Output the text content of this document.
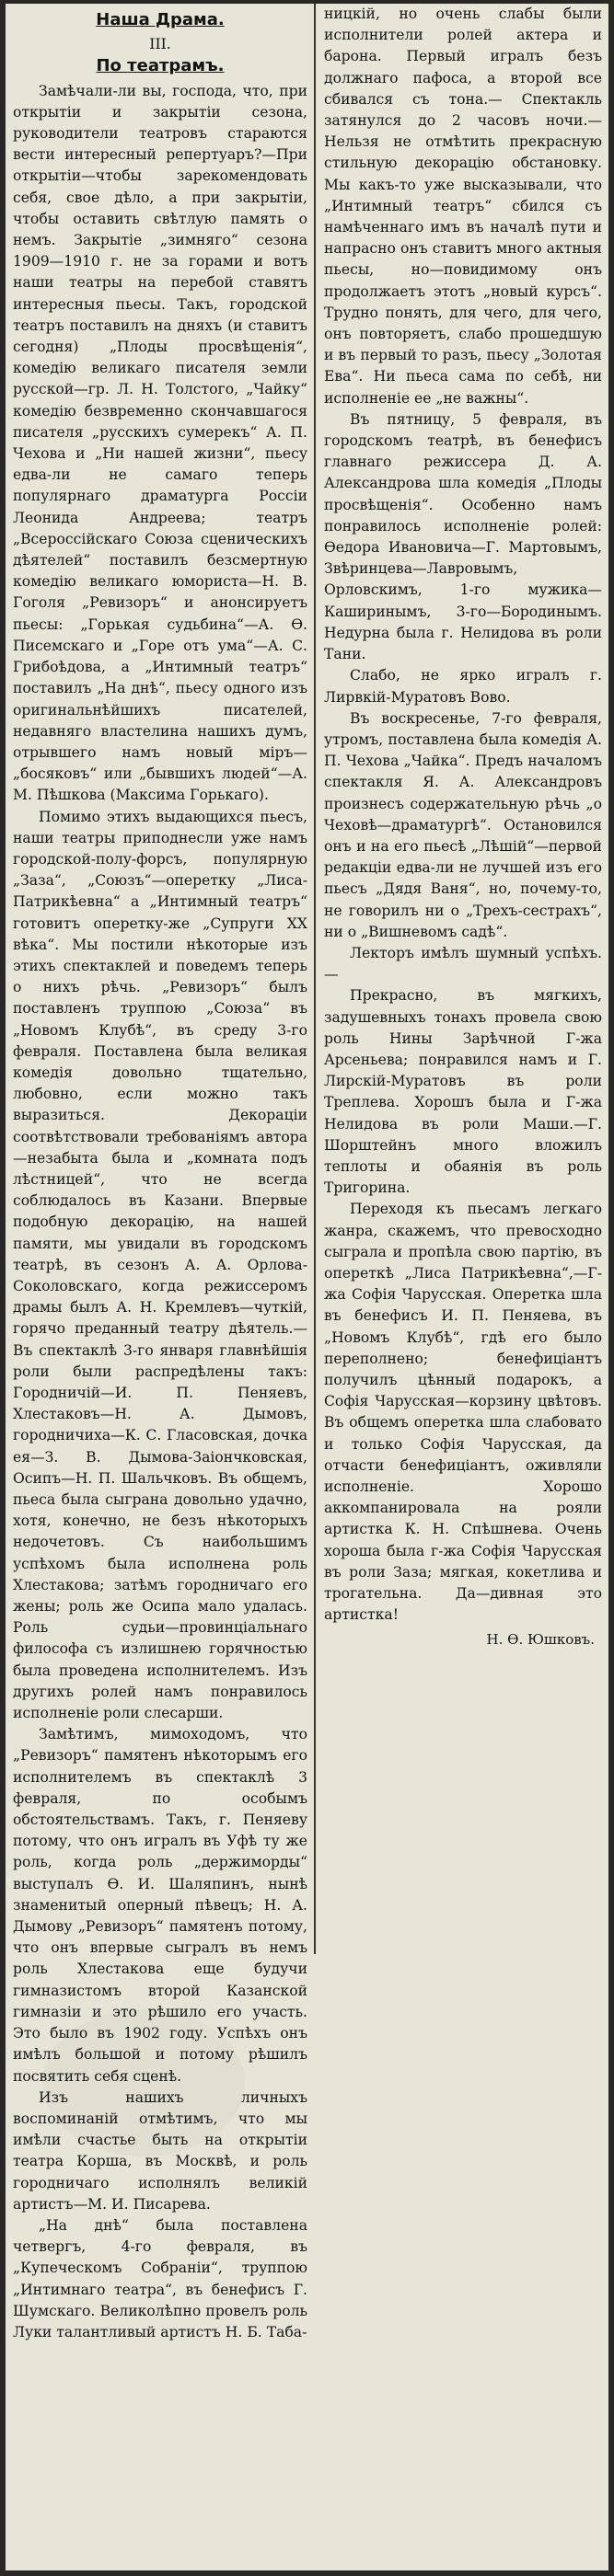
Наша Драма.
III.
По театрамъ.

Замѣчали-ли вы, господа, что, при открытіи и закрытіи сезона, руководители театровъ стараются вести интересный репертуаръ?—При открытіи—чтобы зарекомендовать себя, свое дѣло, а при закрытіи, чтобы оставить свѣтлую память о немъ. Закрытіе „зимняго“ сезона 1909—1910 г. не за горами и вотъ наши театры на перебой ставятъ интересныя пьесы. Такъ, городской театръ поставилъ на дняхъ (и ставитъ сегодня) „Плоды просвѣщенія“, комедію великаго писателя земли русской—гр. Л. Н. Толстого, „Чайку“ комедію безвременно скончавшагося писателя „русскихъ сумерекъ“ А. П. Чехова и „Ни нашей жизни“, пьесу едва-ли не самаго теперь популярнаго драматурга Россіи Леонида Андреева; театръ „Всероссійскаго Союза сценическихъ дѣятелей“ поставилъ безсмертную комедію великаго юмориста—Н. В. Гоголя „Ревизоръ“ и анонсируетъ пьесы: „Горькая судьбина“—А. Ѳ. Писемскаго и „Горе отъ ума“—А. С. Грибоѣдова, а „Интимный театръ“ поставилъ „На днѣ“, пьесу одного изъ оригинальнѣйшихъ писателей, недавняго властелина нашихъ думъ, отрывшего намъ новый міръ—„босяковъ“ или „бывшихъ людей“—А. М. Пѣшкова (Максима Горькаго).

Помимо этихъ выдающихся пьесъ, наши театры приподнесли уже намъ городской-полу-форсъ, популярную „Заза“, „Союзъ“—оперетку „Лиса-Патрикѣевна“ а „Интимный театръ“ готовитъ оперетку-же „Супруги XX вѣка“. Мы постили нѣкоторые изъ этихъ спектаклей и поведемъ теперь о нихъ рѣчь. „Ревизоръ“ былъ поставленъ труппою „Союза“ въ „Новомъ Клубѣ“, въ среду 3-го февраля. Поставлена была великая комедія довольно тщательно, любовно, если можно такъ выразиться. Декораціи соотвѣтствовали требованіямъ автора—незабыта была и „комната подъ лѣстницей“, что не всегда соблюдалось въ Казани. Впервые подобную декорацію, на нашей памяти, мы увидали въ городскомъ театрѣ, въ сезонъ А. А. Орлова-Соколовскаго, когда режиссеромъ драмы былъ А. Н. Кремлевъ—чуткій, горячо преданный театру дѣятель.— Въ спектаклѣ 3-го января главнѣйшія роли были распредѣлены такъ: Городничій—И. П. Пеняевъ, Хлестаковъ—Н. А. Дымовъ, городничиха—К. С. Гласовская, дочка ея—З. В. Дымова-Заіончковская, Осипъ—Н. П. Шальчковъ. Въ общемъ, пьеса была сыграна довольно удачно, хотя, конечно, не безъ нѣкоторыхъ недочетовъ. Съ наибольшимъ успѣхомъ была исполнена роль Хлестакова; затѣмъ городничаго его жены; роль же Осипа мало удалась. Роль судьи—провинціальнаго философа съ излишнею горячностью была проведена исполнителемъ. Изъ другихъ ролей намъ понравилось исполненіе роли слесарши.

Замѣтимъ, мимоходомъ, что „Ревизоръ“ памятенъ нѣкоторымъ его исполнителемъ въ спектаклѣ 3 февраля, по особымъ обстоятельствамъ. Такъ, г. Пеняеву потому, что онъ игралъ въ Уфѣ ту же роль, когда роль „держиморды“ выступалъ Ѳ. И. Шаляпинъ, нынѣ знаменитый оперный пѣвецъ; Н. А. Дымову „Ревизоръ“ памятенъ потому, что онъ впервые сыгралъ въ немъ роль Хлестакова еще будучи гимназистомъ второй Казанской гимназіи и это рѣшило его участь. Это было въ 1902 году. Успѣхъ онъ имѣлъ большой и потому рѣшилъ посвятить себя сценѣ.

Изъ нашихъ личныхъ воспоминаній отмѣтимъ, что мы имѣли счастье быть на открытіи театра Корша, въ Москвѣ, и роль городничаго исполнялъ великій артистъ—М. И. Писарева.

„На днѣ“ была поставлена четвергъ, 4-го февраля, въ „Купеческомъ Собраніи“, труппою „Интимнаго театра“, въ бенефисъ Г. Шумскаго. Великолѣпно провелъ роль Луки талантливый артистъ Н. Б. Таба-

ницкій, но очень слабы были исполнители ролей актера и барона. Первый игралъ безъ должнаго пафоса, а второй все сбивался съ тона.— Спектакль затянулся до 2 часовъ ночи.— Нельзя не отмѣтить прекрасную стильную декорацію обстановку. Мы какъ-то уже высказывали, что „Интимный театръ“ сбился съ намѣченнаго имъ въ началѣ пути и напрасно онъ ставитъ много актныя пьесы, но—повидимому онъ продолжаетъ этотъ „новый курсъ“. Трудно понять, для чего, для чего, онъ повторяетъ, слабо прошедшую и въ первый то разъ, пьесу „Золотая Ева“. Ни пьеса сама по себѣ, ни исполненіе ее „не важны“.

Въ пятницу, 5 февраля, въ городскомъ театрѣ, въ бенефисъ главнаго режиссера Д. А. Александрова шла комедія „Плоды просвѣщенія“. Особенно намъ понравилось исполненіе ролей: Ѳедора Ивановича—Г. Мартовымъ, Звѣринцева—Лавровымъ, Орловскимъ, 1-го мужика—Каширинымъ, 3-го—Бородинымъ. Недурна была г. Нелидова въ роли Тани.

Слабо, не ярко игралъ г. Лирвкій-Муратовъ Вово.

Въ воскресенье, 7-го февраля, утромъ, поставлена была комедія А. П. Чехова „Чайка“. Предъ началомъ спектакля Я. А. Александровъ произнесъ содержательную рѣчь „о Чеховѣ—драматургѣ“. Остановился онъ и на его пьесѣ „Лѣшій“—первой редакціи едва-ли не лучшей изъ его пьесъ „Дядя Ваня“, но, почему-то, не говорилъ ни о „Трехъ-сестрахъ“, ни о „Вишневомъ садѣ“.

Лекторъ имѣлъ шумный успѣхъ.—

Прекрасно, въ мягкихъ, задушевныхъ тонахъ провела свою роль Нины Зарѣчной Г-жа Арсеньева; понравился намъ и Г. Лирскій-Муратовъ въ роли Треплева. Хорошъ была и Г-жа Нелидова въ роли Маши.—Г. Шорштейнъ много вложилъ теплоты и обаянія въ роль Тригорина.

Переходя къ пьесамъ легкаго жанра, скажемъ, что превосходно сыграла и пропѣла свою партію, въ опереткѣ „Лиса Патрикѣевна“,—Г-жа Софія Чарусская. Оперетка шла въ бенефисъ И. П. Пеняева, въ „Новомъ Клубѣ“, гдѣ его было переполнено; бенефиціантъ получилъ цѣнный подарокъ, а Софія Чарусская—корзину цвѣтовъ. Въ общемъ оперетка шла слабовато и только Софія Чарусская, да отчасти бенефиціантъ, оживляли исполненіе. Хорошо аккомпанировала на рояли артистка К. Н. Спѣшнева. Очень хороша была г-жа Софія Чарусская въ роли Заза; мягкая, кокетлива и трогательна. Да—дивная это артистка!

Н. Ѳ. Юшковъ.
